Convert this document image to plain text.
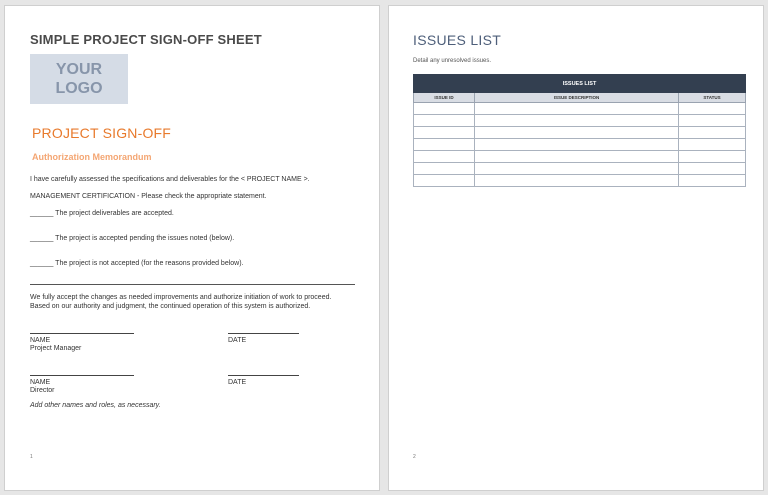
SIMPLE PROJECT SIGN-OFF SHEET
YOUR
LOGO
PROJECT SIGN-OFF
Authorization Memorandum
I have carefully assessed the specifications and deliverables for the < PROJECT NAME >.
MANAGEMENT CERTIFICATION - Please check the appropriate statement.
______ The project deliverables are accepted.
______ The project is accepted pending the issues noted (below).
______ The project is not accepted (for the reasons provided below).
We fully accept the changes as needed improvements and authorize initiation of work to proceed.
Based on our authority and judgment, the continued operation of this system is authorized.
NAME
Project Manager
DATE
NAME
Director
DATE
Add other names and roles, as necessary.
1
ISSUES LIST
Detail any unresolved issues.
ISSUES LIST		
ISSUE ID	ISSUE DESCRIPTION	STATUS

2
